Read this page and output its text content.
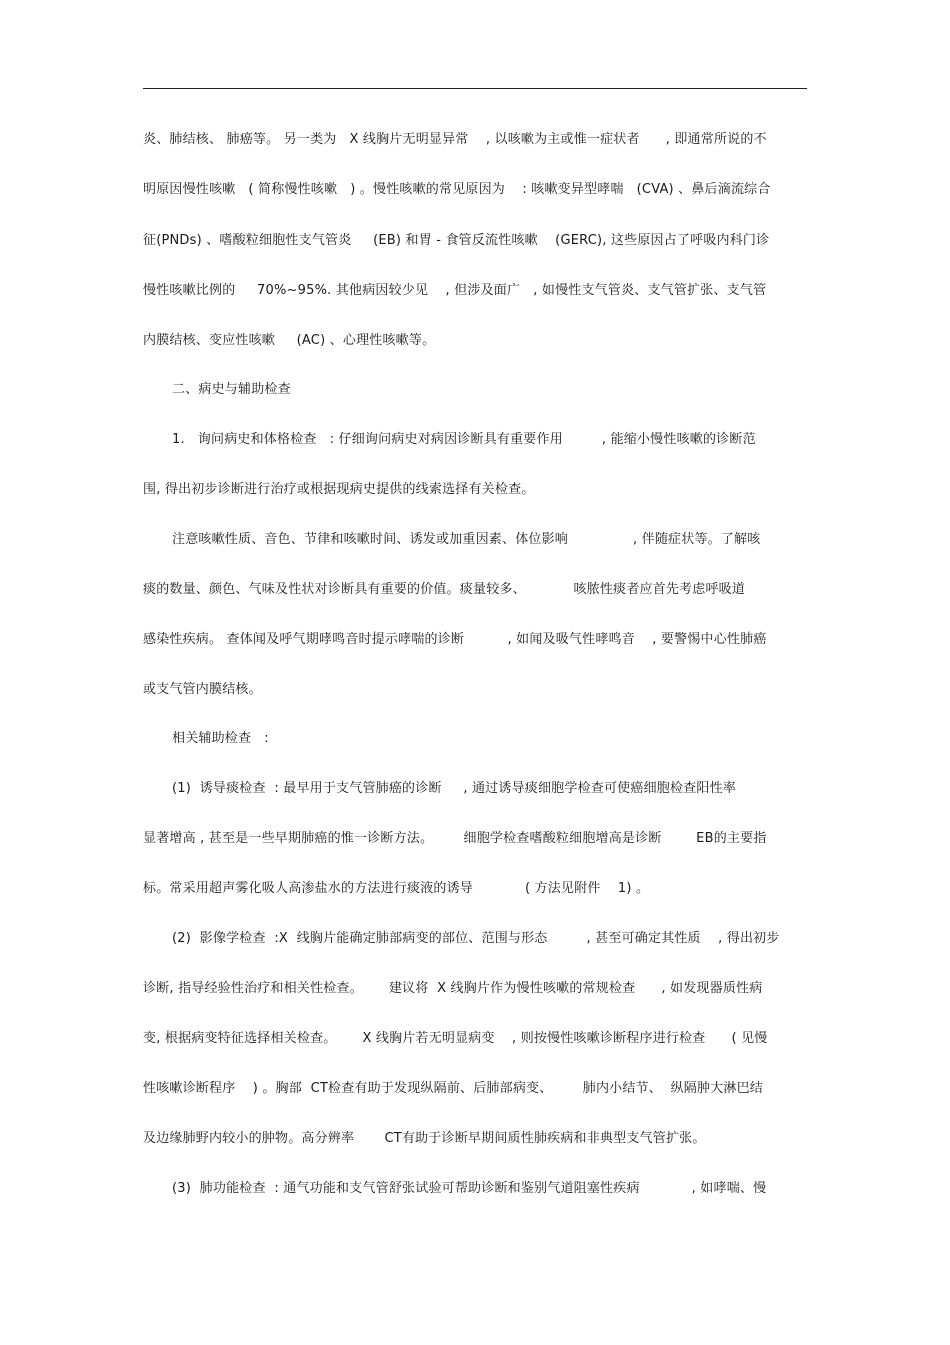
炎、肺结核、 肺癌等。 另一类为   X 线胸片无明显异常    , 以咳嗽为主或惟一症状者      , 即通常所说的不
明原因慢性咳嗽   ( 简称慢性咳嗽   ) 。慢性咳嗽的常见原因为    : 咳嗽变异型哮喘   (CVA) 、鼻后滴流综合
征(PNDs) 、嗜酸粒细胞性支气管炎     (EB) 和胃 - 食管反流性咳嗽    (GERC), 这些原因占了呼吸内科门诊
慢性咳嗽比例的     70%~95%. 其他病因较少见    , 但涉及面广   , 如慢性支气管炎、支气管扩张、支气管
内膜结核、变应性咳嗽     (AC) 、心理性咳嗽等。
二、病史与辅助检查
1.   询问病史和体格检查   : 仔细询问病史对病因诊断具有重要作用         , 能缩小慢性咳嗽的诊断范
围, 得出初步诊断进行治疗或根据现病史提供的线索选择有关检查。
注意咳嗽性质、音色、节律和咳嗽时间、诱发或加重因素、体位影响               , 伴随症状等。了解咳
痰的数量、颜色、气味及性状对诊断具有重要的价值。痰量较多、           咳脓性痰者应首先考虑呼吸道
感染性疾病。 查体闻及呼气期哮鸣音时提示哮喘的诊断          , 如闻及吸气性哮鸣音    , 要警惕中心性肺癌
或支气管内膜结核。
相关辅助检查   :
(1)  诱导痰检查  : 最早用于支气管肺癌的诊断     , 通过诱导痰细胞学检查可使癌细胞检查阳性率
显著增高 , 甚至是一些早期肺癌的惟一诊断方法。       细胞学检查嗜酸粒细胞增高是诊断        EB的主要指
标。常采用超声雾化吸人高渗盐水的方法进行痰液的诱导            ( 方法见附件    1) 。
(2)  影像学检查  :X  线胸片能确定肺部病变的部位、范围与形态         , 甚至可确定其性质    , 得出初步
诊断, 指导经验性治疗和相关性检查。      建议将  X 线胸片作为慢性咳嗽的常规检查      , 如发现器质性病
变, 根据病变特征选择相关检查。      X 线胸片若无明显病变    , 则按慢性咳嗽诊断程序进行检查      ( 见慢
性咳嗽诊断程序    ) 。胸部  CT检查有助于发现纵隔前、后肺部病变、       肺内小结节、  纵隔肿大淋巴结
及边缘肺野内较小的肿物。高分辨率       CT有助于诊断早期间质性肺疾病和非典型支气管扩张。
(3)  肺功能检查  : 通气功能和支气管舒张试验可帮助诊断和鉴别气道阻塞性疾病            , 如哮喘、慢
